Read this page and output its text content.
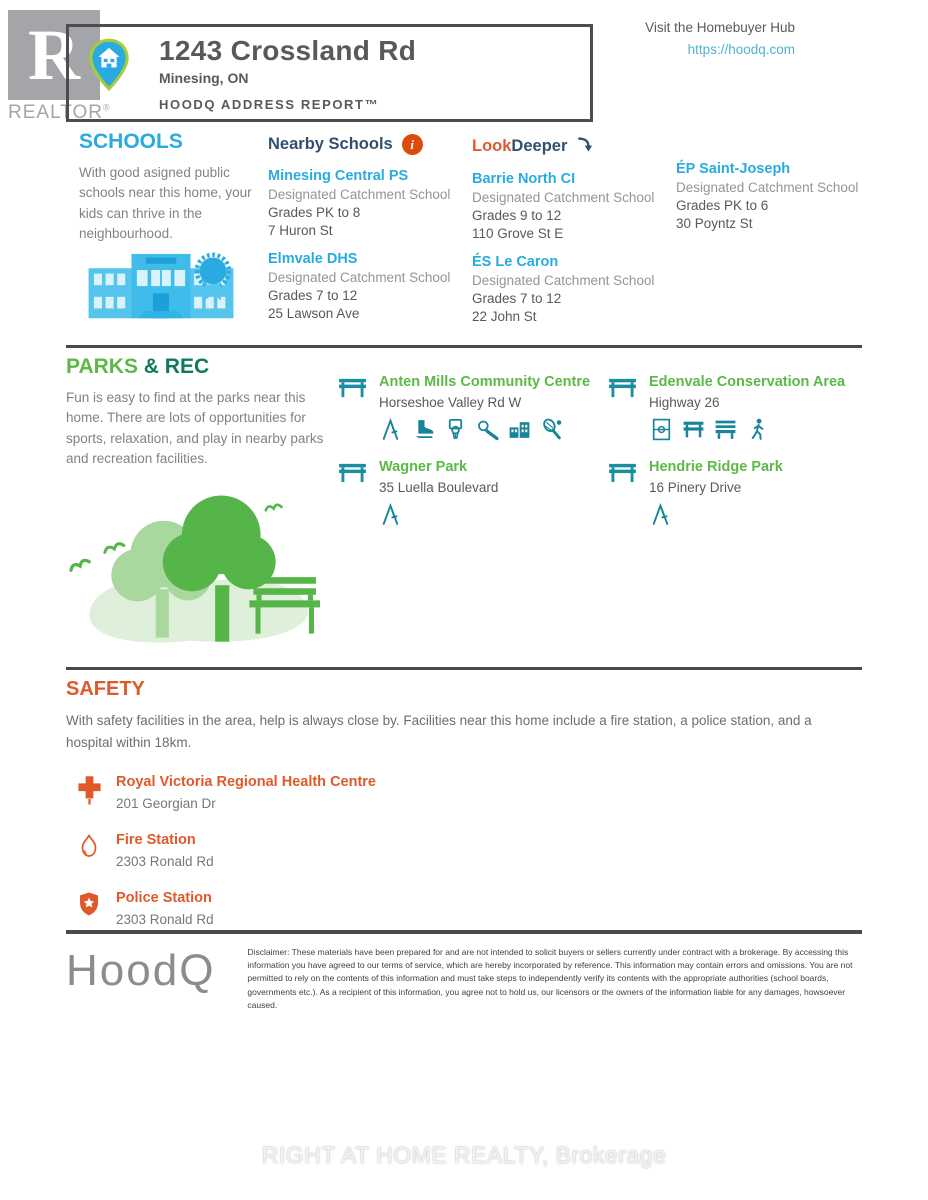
R
REALTOR®
1243 Crossland Rd
Minesing, ON
HOODQ ADDRESS REPORT™
Visit the Homebuyer Hub
https://hoodq.com
SCHOOLS
With good asigned public schools near this home, your kids can thrive in the neighbourhood.
Nearby Schools	i
Minesing Central PS
Designated Catchment School
Grades PK to 8
7 Huron St
Elmvale DHS
Designated Catchment School
Grades 7 to 12
25 Lawson Ave
LookDeeper
Barrie North CI
Designated Catchment School
Grades 9 to 12
110 Grove St E
ÉS Le Caron
Designated Catchment School
Grades 7 to 12
22 John St
ÉP Saint-Joseph
Designated Catchment School
Grades PK to 6
30 Poyntz St
PARKS & REC
Fun is easy to find at the parks near this home. There are lots of opportunities for sports, relaxation, and play in nearby parks and recreation facilities.
Anten Mills Community Centre
Horseshoe Valley Rd W
Edenvale Conservation Area
Highway 26
Wagner Park
35 Luella Boulevard
Hendrie Ridge Park
16 Pinery Drive
SAFETY
With safety facilities in the area, help is always close by. Facilities near this home include a fire station, a police station, and a hospital within 18km.
Royal Victoria Regional Health Centre
201 Georgian Dr
Fire Station
2303 Ronald Rd
Police Station
2303 Ronald Rd
HoodQ	Disclaimer: These materials have been prepared for and are not intended to solicit buyers or sellers currently under contract with a brokerage. By accessing this information you have agreed to our terms of service, which are hereby incorporated by reference. This information may contain errors and omissions. You are not permitted to rely on the contents of this information and must take steps to independently verify its contents with the appropriate authorities (school boards, governments etc.). As a recipient of this information, you agree not to hold us, our licensors or the owners of the information liable for any damages, howsoever caused.
RIGHT AT HOME REALTY, Brokerage
